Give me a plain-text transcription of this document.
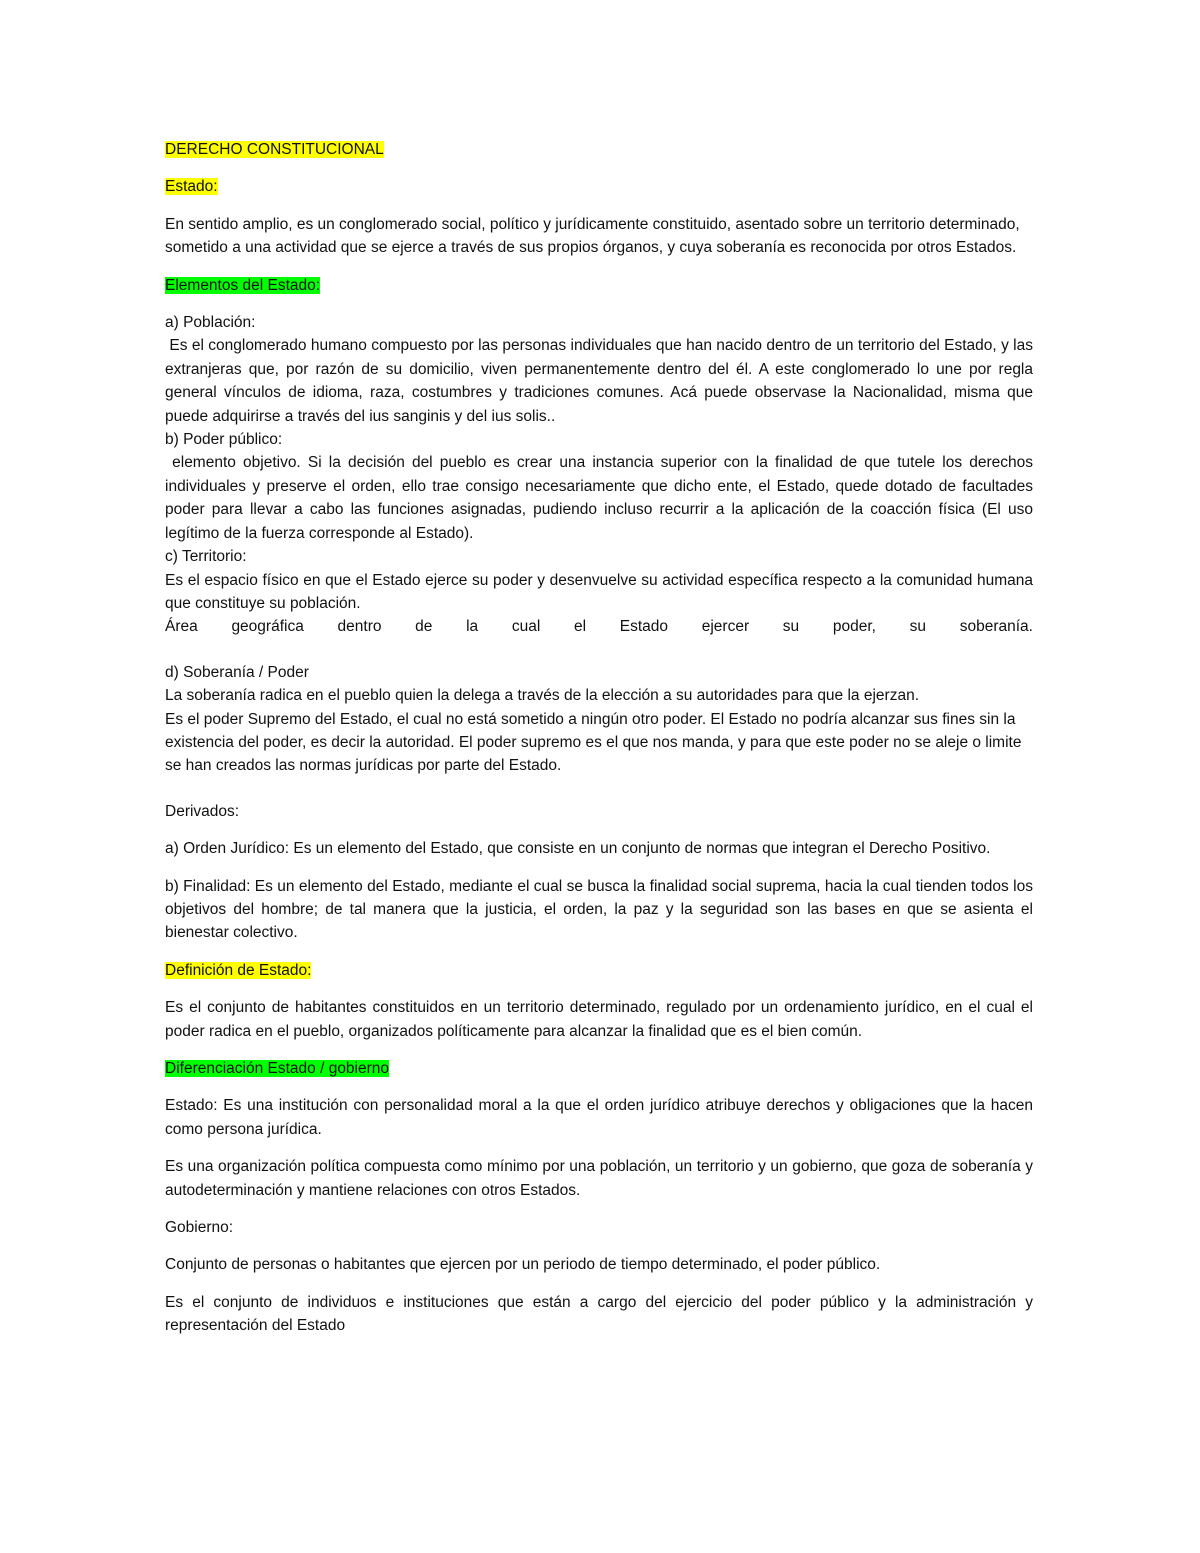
DERECHO CONSTITUCIONAL

Estado:

En sentido amplio, es un conglomerado social, político y jurídicamente constituido, asentado sobre un territorio determinado, sometido a una actividad que se ejerce a través de sus propios órganos, y cuya soberanía es reconocida por otros Estados.

Elementos del Estado:

a) Población:

Es el conglomerado humano compuesto por las personas individuales que han nacido dentro de un territorio del Estado, y las extranjeras que, por razón de su domicilio, viven permanentemente dentro del él. A este conglomerado lo une por regla general vínculos de idioma, raza, costumbres y tradiciones comunes. Acá puede observase la Nacionalidad, misma que puede adquirirse a través del ius sanginis y del ius solis..

b) Poder público:

elemento objetivo. Si la decisión del pueblo es crear una instancia superior con la finalidad de que tutele los derechos individuales y preserve el orden, ello trae consigo necesariamente que dicho ente, el Estado, quede dotado de facultades poder para llevar a cabo las funciones asignadas, pudiendo incluso recurrir a la aplicación de la coacción física (El uso legítimo de la fuerza corresponde al Estado).

c) Territorio:

Es el espacio físico en que el Estado ejerce su poder y desenvuelve su actividad específica respecto a la comunidad humana que constituye su población.

Área geográfica dentro de la cual el Estado ejercer su poder, su soberanía.

d) Soberanía / Poder

La soberanía radica en el pueblo quien la delega a través de la elección a su autoridades para que la ejerzan.

Es el poder Supremo del Estado, el cual no está sometido a ningún otro poder. El Estado no podría alcanzar sus fines sin la existencia del poder, es decir la autoridad. El poder supremo es el que nos manda, y para que este poder no se aleje o limite se han creados las normas jurídicas por parte del Estado.

Derivados:

a) Orden Jurídico: Es un elemento del Estado, que consiste en un conjunto de normas que integran el Derecho Positivo.

b) Finalidad: Es un elemento del Estado, mediante el cual se busca la finalidad social suprema, hacia la cual tienden todos los objetivos del hombre; de tal manera que la justicia, el orden, la paz y la seguridad son las bases en que se asienta el bienestar colectivo.

Definición de Estado:

Es el conjunto de habitantes constituidos en un territorio determinado, regulado por un ordenamiento jurídico, en el cual el poder radica en el pueblo, organizados políticamente para alcanzar la finalidad que es el bien común.

Diferenciación Estado / gobierno

Estado: Es una institución con personalidad moral a la que el orden jurídico atribuye derechos y obligaciones que la hacen como persona jurídica.

Es una organización política compuesta como mínimo por una población, un territorio y un gobierno, que goza de soberanía y autodeterminación y mantiene relaciones con otros Estados.

Gobierno:

Conjunto de personas o habitantes que ejercen por un periodo de tiempo determinado, el poder público.

Es el conjunto de individuos e instituciones que están a cargo del ejercicio del poder público y la administración y representación del Estado
